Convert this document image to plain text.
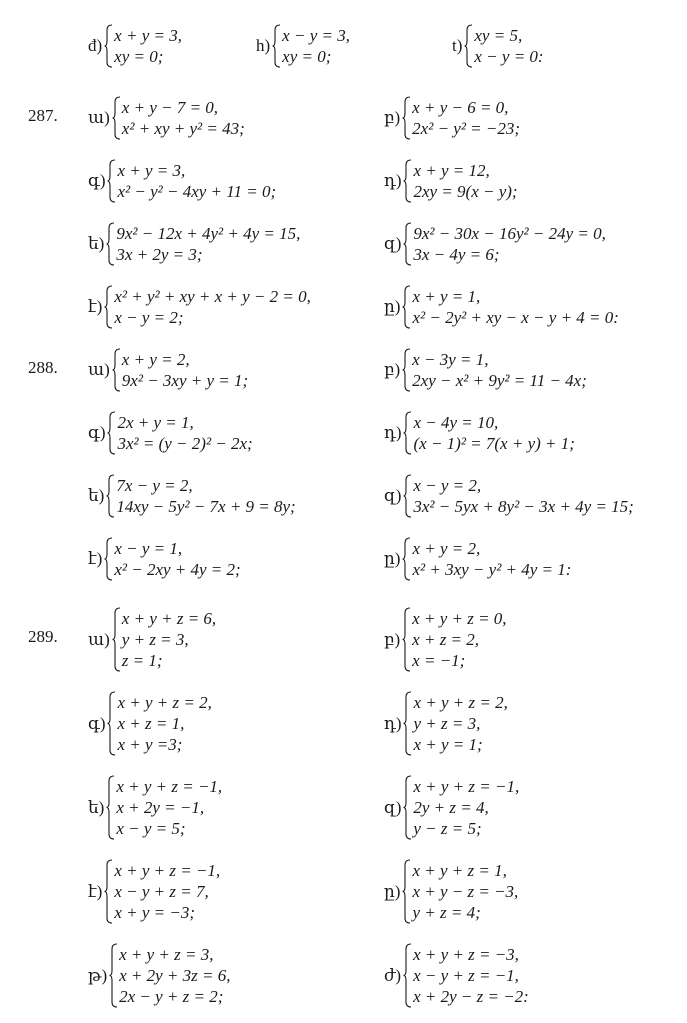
đ)
x + y = 3,
xy = 0;
h)
x − y = 3,
xy = 0;
t)
xy = 5,
x − y = 0:
287. ա)
x + y − 7 = 0,
x² + xy + y² = 43;
բ)
x + y − 6 = 0,
2x² − y² = −23;
գ)
x + y = 3,
x² − y² − 4xy + 11 = 0;
դ)
x + y = 12,
2xy = 9(x − y);
ե)
9x² − 12x + 4y² + 4y = 15,
3x + 2y = 3;
զ)
9x² − 30x − 16y² − 24y = 0,
3x − 4y = 6;
է)
x² + y² + xy + x + y − 2 = 0,
x − y = 2;
ը)
x + y = 1,
x² − 2y² + xy − x − y + 4 = 0:
288. ա)
x + y = 2,
9x² − 3xy + y = 1;
բ)
x − 3y = 1,
2xy − x² + 9y² = 11 − 4x;
գ)
2x + y = 1,
3x² = (y − 2)² − 2x;
դ)
x − 4y = 10,
(x − 1)² = 7(x + y) + 1;
ե)
7x − y = 2,
14xy − 5y² − 7x + 9 = 8y;
զ)
x − y = 2,
3x² − 5yx + 8y² − 3x + 4y = 15;
է)
x − y = 1,
x² − 2xy + 4y = 2;
ը)
x + y = 2,
x² + 3xy − y² + 4y = 1:
289. ա)
x + y + z = 6,
y + z = 3,
z = 1;
բ)
x + y + z = 0,
x + z = 2,
x = −1;
գ)
x + y + z = 2,
x + z = 1,
x + y =3;
դ)
x + y + z = 2,
y + z = 3,
x + y = 1;
ե)
x + y + z = −1,
x + 2y = −1,
x − y = 5;
զ)
x + y + z = −1,
2y + z = 4,
y − z = 5;
է)
x + y + z = −1,
x − y + z = 7,
x + y = −3;
ը)
x + y + z = 1,
x + y − z = −3,
y + z = 4;
թ)
x + y + z = 3,
x + 2y + 3z = 6,
2x − y + z = 2;
ժ)
x + y + z = −3,
x − y + z = −1,
x + 2y − z = −2:
